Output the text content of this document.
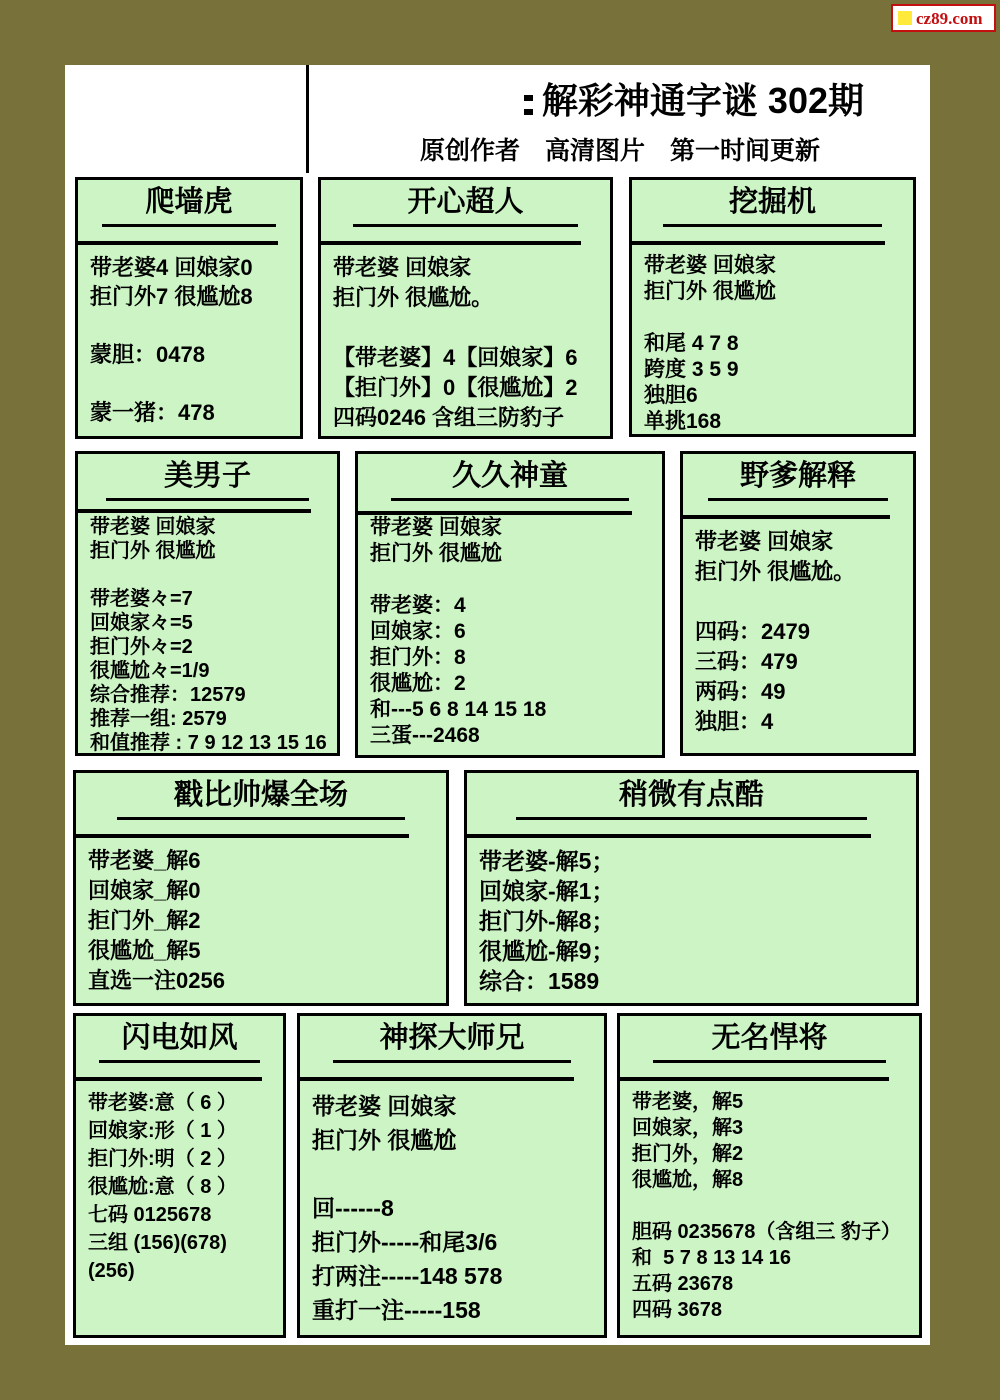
cz89.com
解彩神通字谜 302期
原创作者　高清图片　第一时间更新
爬墙虎
带老婆4 回娘家0
拒门外7 很尴尬8
蒙胆：0478
蒙一猪：478
开心超人
带老婆 回娘家
拒门外 很尴尬。
【带老婆】4【回娘家】6
【拒门外】0【很尴尬】2
四码0246 含组三防豹子
挖掘机
带老婆 回娘家
拒门外 很尴尬
和尾 4 7 8
跨度 3 5 9
独胆6
单挑168
美男子
带老婆 回娘家
拒门外 很尴尬
带老婆々=7
回娘家々=5
拒门外々=2
很尴尬々=1/9
综合推荐：12579
推荐一组: 2579
和值推荐 : 7 9 12 13 15 16
久久神童
带老婆 回娘家
拒门外 很尴尬
带老婆：4
回娘家：6
拒门外：8
很尴尬：2
和---5 6 8 14 15 18
三蛋---2468
野爹解释
带老婆 回娘家
拒门外 很尴尬。
四码：2479
三码：479
两码：49
独胆：4
戳比帅爆全场
带老婆_解6
回娘家_解0
拒门外_解2
很尴尬_解5
直选一注0256
稍微有点酷
带老婆-解5；
回娘家-解1；
拒门外-解8；
很尴尬-解9；
综合：1589
闪电如风
带老婆:意（ 6 ）
回娘家:形（ 1 ）
拒门外:明（ 2 ）
很尴尬:意（ 8 ）
七码 0125678
三组 (156)(678)
(256)
神探大师兄
带老婆 回娘家
拒门外 很尴尬
回------8
拒门外-----和尾3/6
打两注-----148 578
重打一注-----158
无名悍将
带老婆，解5
回娘家，解3
拒门外，解2
很尴尬，解8
胆码 0235678（含组三 豹子）
和  5 7 8 13 14 16
五码 23678
四码 3678
